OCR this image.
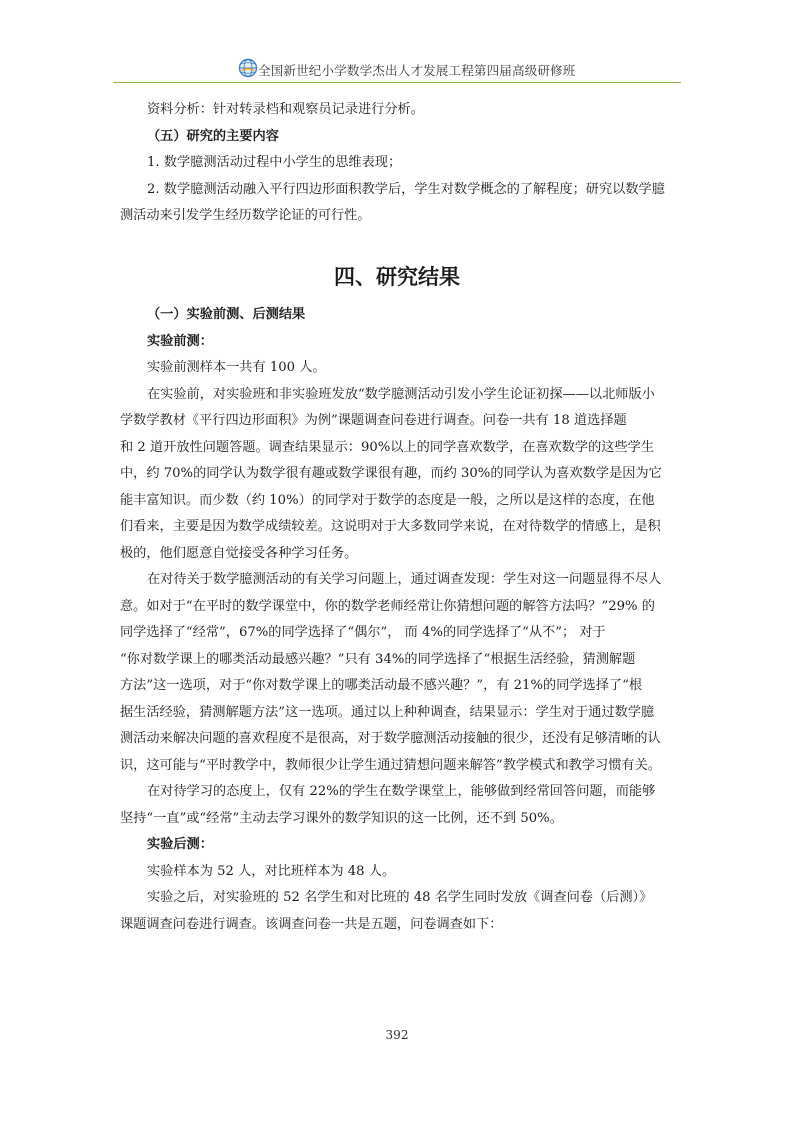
全国新世纪小学数学杰出人才发展工程第四届高级研修班

资料分析：针对转录档和观察员记录进行分析。

（五）研究的主要内容

1. 数学臆测活动过程中小学生的思维表现；

2. 数学臆测活动融入平行四边形面积教学后，学生对数学概念的了解程度；研究以数学臆

测活动来引发学生经历数学论证的可行性。

四、研究结果

（一）实验前测、后测结果

实验前测：

实验前测样本一共有 100 人。

在实验前，对实验班和非实验班发放“数学臆测活动引发小学生论证初探——以北师版小

学数学教材《平行四边形面积》为例”课题调查问卷进行调查。问卷一共有 18 道选择题

和 2 道开放性问题答题。调查结果显示：90%以上的同学喜欢数学，在喜欢数学的这些学生

中，约 70%的同学认为数学很有趣或数学课很有趣，而约 30%的同学认为喜欢数学是因为它

能丰富知识。而少数（约 10%）的同学对于数学的态度是一般，之所以是这样的态度，在他

们看来，主要是因为数学成绩较差。这说明对于大多数同学来说，在对待数学的情感上，是积

极的，他们愿意自觉接受各种学习任务。

在对待关于数学臆测活动的有关学习问题上，通过调查发现：学生对这一问题显得不尽人

意。如对于“在平时的数学课堂中，你的数学老师经常让你猜想问题的解答方法吗？”29% 的

同学选择了“经常”，67%的同学选择了“偶尔”， 而 4%的同学选择了“从不”； 对于

“你对数学课上的哪类活动最感兴趣？”只有 34%的同学选择了“根据生活经验，猜测解题

方法”这一选项，对于“你对数学课上的哪类活动最不感兴趣？”，有 21%的同学选择了“根

据生活经验，猜测解题方法”这一选项。通过以上种种调查，结果显示：学生对于通过数学臆

测活动来解决问题的喜欢程度不是很高，对于数学臆测活动接触的很少，还没有足够清晰的认

识，这可能与“平时教学中，教师很少让学生通过猜想问题来解答”教学模式和教学习惯有关。

在对待学习的态度上，仅有 22%的学生在数学课堂上，能够做到经常回答问题，而能够

坚持“一直”或“经常”主动去学习课外的数学知识的这一比例，还不到 50%。

实验后测：

实验样本为 52 人，对比班样本为 48 人。

实验之后，对实验班的 52 名学生和对比班的 48 名学生同时发放《调查问卷（后测）》

课题调查问卷进行调查。该调查问卷一共是五题，问卷调查如下：

392
